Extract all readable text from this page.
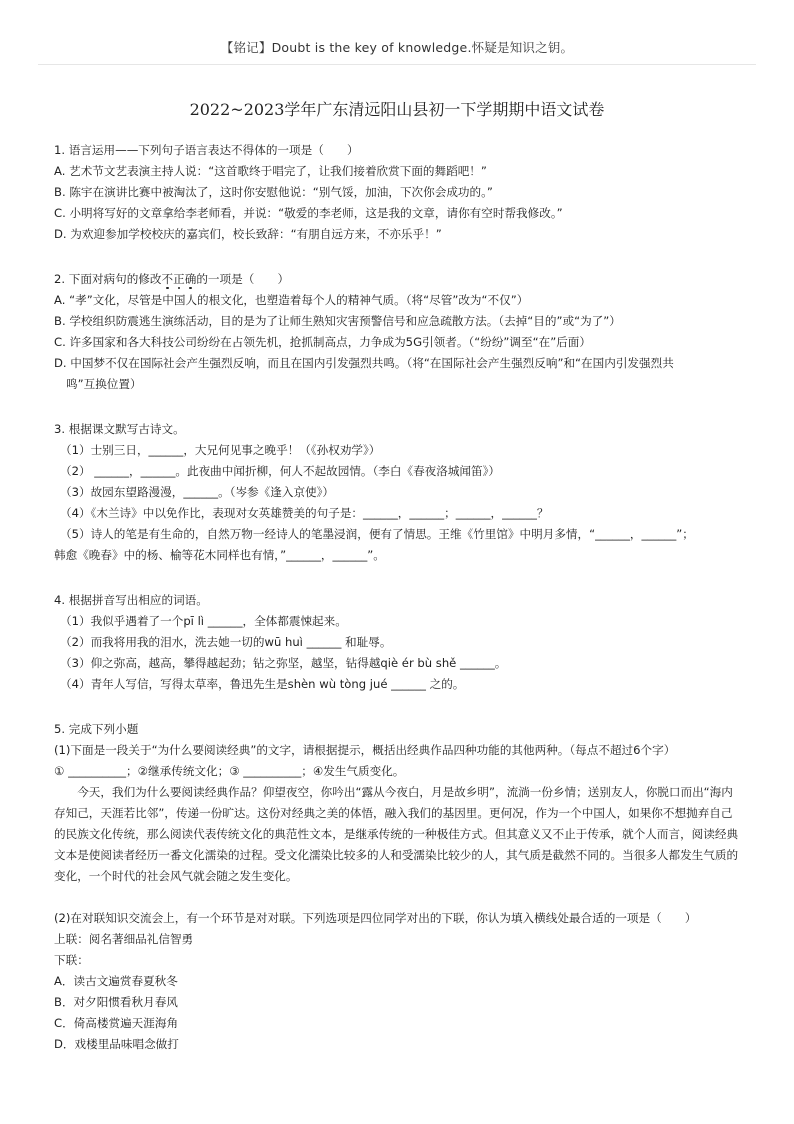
【铭记】Doubt is the key of knowledge.怀疑是知识之钥。
2022~2023学年广东清远阳山县初一下学期期中语文试卷
1. 语言运用——下列句子语言表达不得体的一项是（　　）
A. 艺术节文艺表演主持人说：“这首歌终于唱完了，让我们接着欣赏下面的舞蹈吧！”
B. 陈宇在演讲比赛中被淘汰了，这时你安慰他说：“别气馁，加油，下次你会成功的。”
C. 小明将写好的文章拿给李老师看，并说：“敬爱的李老师，这是我的文章，请你有空时帮我修改。”
D. 为欢迎参加学校校庆的嘉宾们，校长致辞：“有朋自远方来，不亦乐乎！”
2. 下面对病句的修改不正确的一项是（　　）
A. “孝”文化，尽管是中国人的根文化，也塑造着每个人的精神气质。（将“尽管”改为“不仅”）
B. 学校组织防震逃生演练活动，目的是为了让师生熟知灾害预警信号和应急疏散方法。（去掉“目的”或“为了”）
C. 许多国家和各大科技公司纷纷在占领先机，抢抓制高点，力争成为5G引领者。（“纷纷”调至“在”后面）
D. 中国梦不仅在国际社会产生强烈反响，而且在国内引发强烈共鸣。（将“在国际社会产生强烈反响”和“在国内引发强烈共
鸣”互换位置）
3. 根据课文默写古诗文。
（1）士别三日，______，大兄何见事之晚乎！（《孙权劝学》）
（2） ______，______。此夜曲中闻折柳，何人不起故园情。（李白《春夜洛城闻笛》）
（3）故园东望路漫漫，______。（岑参《逢入京使》）
（4）《木兰诗》中以免作比，表现对女英雄赞美的句子是：______，______；______，______？
（5）诗人的笔是有生命的，自然万物一经诗人的笔墨浸润，便有了情思。王维《竹里馆》中明月多情，“______，______”；
韩愈《晚春》中的杨、榆等花木同样也有情，”______，______”。
4. 根据拼音写出相应的词语。
（1）我似乎遇着了一个pī lì ______，全体都震悚起来。
（2）而我将用我的泪水，洗去她一切的wū huì ______ 和耻辱。
（3）仰之弥高，越高，攀得越起劲；钻之弥坚，越坚，钻得越qiè ér bù shě ______。
（4）青年人写信，写得太草率，鲁迅先生是shèn wù tòng jué ______ 之的。
5. 完成下列小题
(1)下面是一段关于“为什么要阅读经典”的文字，请根据提示，概括出经典作品四种功能的其他两种。（每点不超过6个字）
① __________；②继承传统文化；③ __________；④发生气质变化。
今天，我们为什么要阅读经典作品？仰望夜空，你吟出“露从今夜白，月是故乡明”，流淌一份乡情；送别友人，你脱口而出“海内存知己，天涯若比邻”，传递一份旷达。这份对经典之美的体悟，融入我们的基因里。更何况，作为一个中国人，如果你不想抛弃自己的民族文化传统，那么阅读代表传统文化的典范性文本，是继承传统的一种极佳方式。但其意义又不止于传承，就个人而言，阅读经典文本是使阅读者经历一番文化濡染的过程。受文化濡染比较多的人和受濡染比较少的人，其气质是截然不同的。当很多人都发生气质的变化，一个时代的社会风气就会随之发生变化。
(2)在对联知识交流会上，有一个环节是对对联。下列选项是四位同学对出的下联，你认为填入横线处最合适的一项是（　　）
上联：阅名著细品礼信智勇
下联：
A．读古文遍赏春夏秋冬
B．对夕阳惯看秋月春风
C．倚高楼赏遍天涯海角
D．戏楼里品味唱念做打
